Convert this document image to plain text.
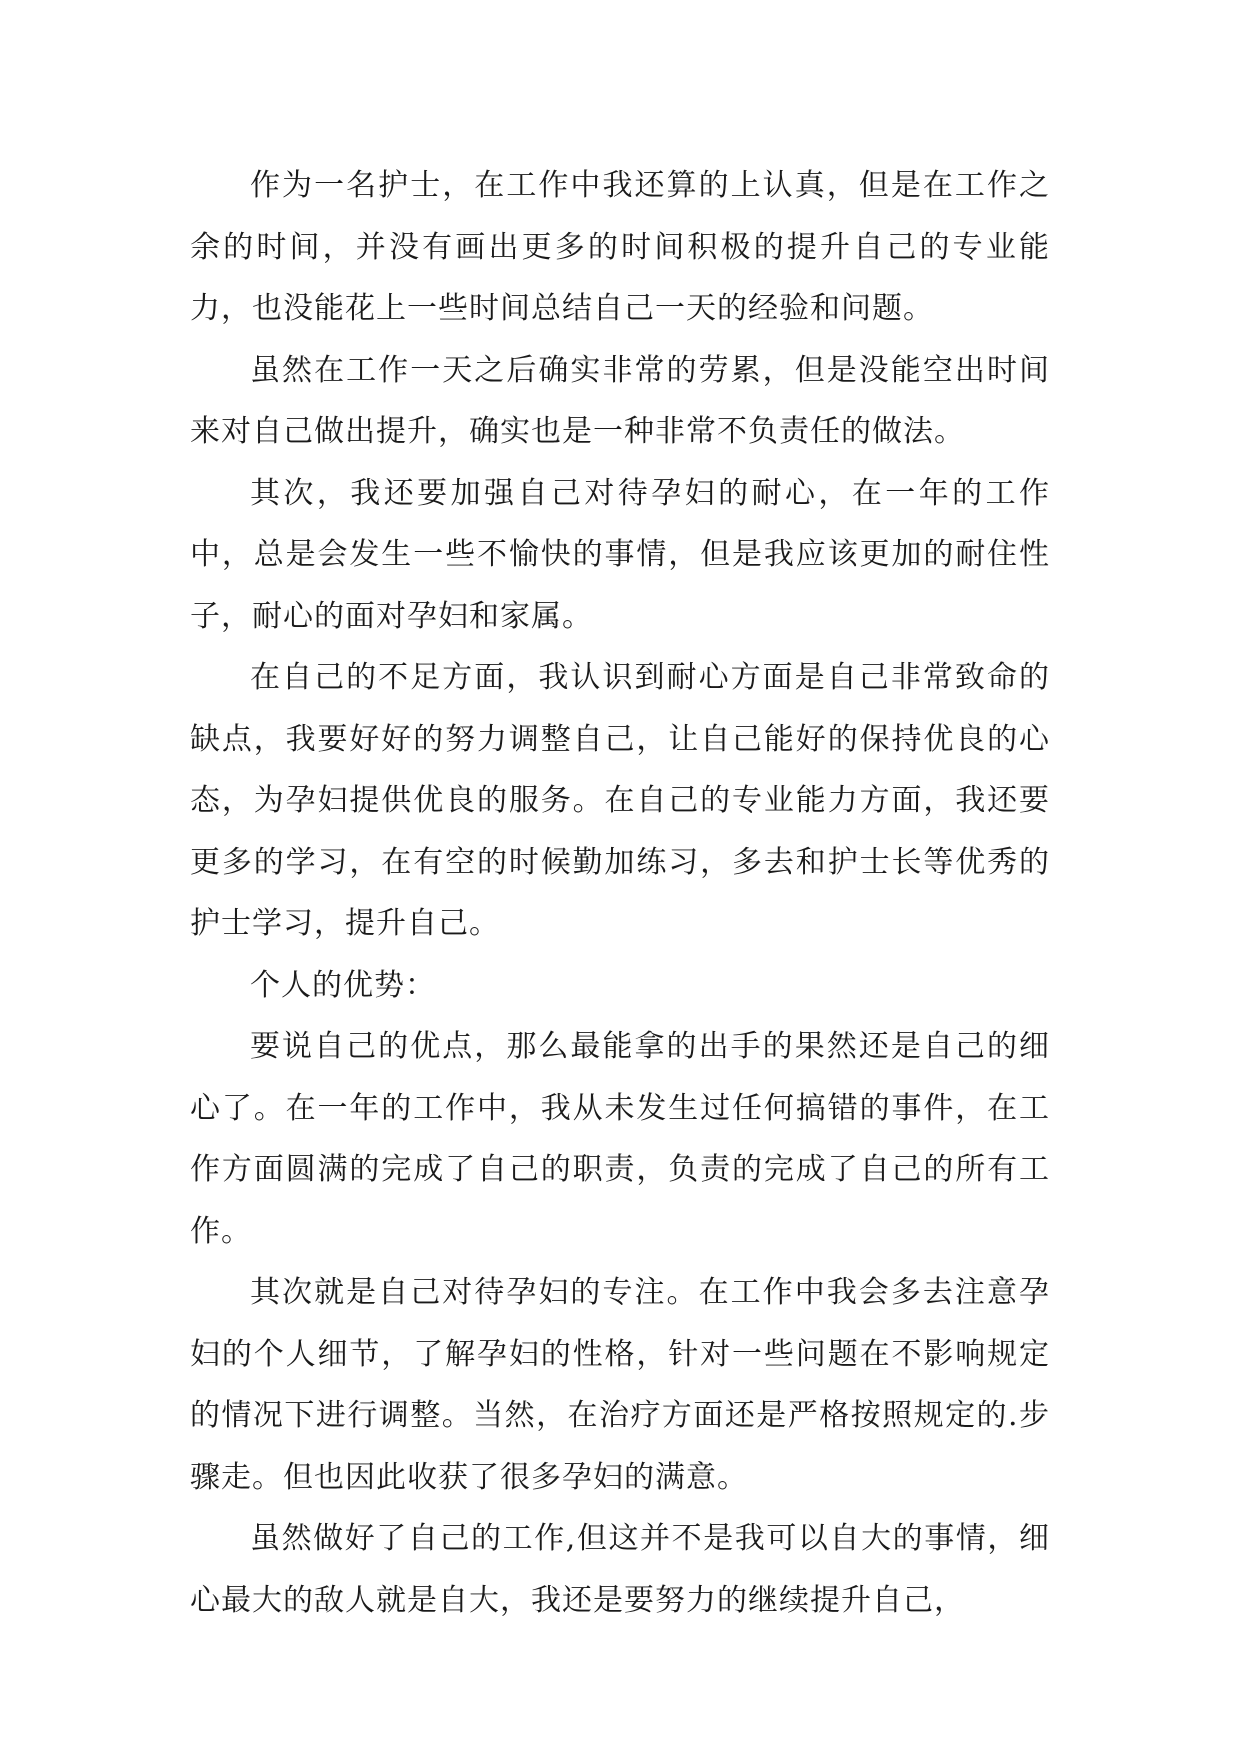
作为一名护士，在工作中我还算的上认真，但是在工作之余的时间，并没有画出更多的时间积极的提升自己的专业能力，也没能花上一些时间总结自己一天的经验和问题。

虽然在工作一天之后确实非常的劳累，但是没能空出时间来对自己做出提升，确实也是一种非常不负责任的做法。

其次，我还要加强自己对待孕妇的耐心，在一年的工作中，总是会发生一些不愉快的事情，但是我应该更加的耐住性子，耐心的面对孕妇和家属。

在自己的不足方面，我认识到耐心方面是自己非常致命的缺点，我要好好的努力调整自己，让自己能好的保持优良的心态，为孕妇提供优良的服务。在自己的专业能力方面，我还要更多的学习，在有空的时候勤加练习，多去和护士长等优秀的护士学习，提升自己。

个人的优势：

要说自己的优点，那么最能拿的出手的果然还是自己的细心了。在一年的工作中，我从未发生过任何搞错的事件，在工作方面圆满的完成了自己的职责，负责的完成了自己的所有工作。

其次就是自己对待孕妇的专注。在工作中我会多去注意孕妇的个人细节，了解孕妇的性格，针对一些问题在不影响规定的情况下进行调整。当然，在治疗方面还是严格按照规定的.步骤走。但也因此收获了很多孕妇的满意。

虽然做好了自己的工作,但这并不是我可以自大的事情，细心最大的敌人就是自大，我还是要努力的继续提升自己，
